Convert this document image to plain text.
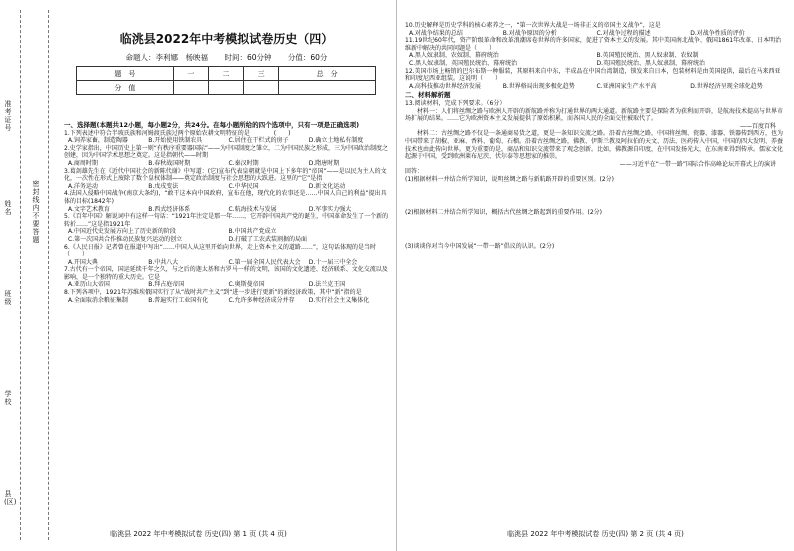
准考证号
姓名
班级
学校
县(区)
密 封 线 内 不 要 答 题
临洮县2022年中考模拟试卷历史（四）
命题人：李利娜　杨映福 时间：60分钟 分值：60分
题　号	一	二	三	总　分
分　值				

一、选择题(本题共12小题，每小题2分，共24分。在每小题所给的四个选项中，只有一项是正确选项)

1.下列表述中符合半坡氏族和河姆渡氏族过两个原始农耕文明特征的是　　　　(　　)

A.饲养家畜，制造陶器	B.开始使用铁制农具	C.居住在干栏式的房子	D.确立土地私有制度

2.史学家指出，中国历史上第一则“有秩序重要器国际”——为中国制度之雏立，二为中国民族之形成，三为中国政治制度之创建，因为中国学术思想之奠定。这是指朝代——时期

A.商周时期	B.春秋战国时期	C.秦汉时期	D.隋唐时期

3.葛剑雄先生在《近代中国社会的新陈代谢》中写道：(它)宣布代表皇朝就是中国上下多年的“帝国”——是以民为主人的文化，一次性在形式上废除了数个皇权体制——奠定政治制度与社会思想的大跃进。这里的“它”是指

A.洋务运动	B.戊戌变法	C.中华民国	D.新文化运动

4.法国人侵略中国战争(南京大条约)，“敢干这本向中国政府，宣布在他，现代化的农事还是……中国人自己的利益”提出具体的目标(1842年)

A.文字艺术教育	B.西式经济体系	C.航海技术与发展	D.军事实力强大

5.《百年中国》解说词中有这样一句话：“1921年注定是那一年……，它开辟中国共产党的诞生，中国革命发生了一个新的转折……”这是指1921年

A.中国近代史发展方向上了历史新的阶段	B.中国共产党成立
C.第一次国共合作推动民族复兴运动的创立	D.打破了工农武装割据的局面

6.《人民日报》记者曾在报道中写出“……中国人从这里开始向世界，走上资本主义的道路……”，这句话体现的是当时（　　）

A.开国大典	B.中共八大	C.第一届全国人民代表大会	D.十一届三中全会

7.古代有一个帝国，国运延续千年之久，与之后的迦太基和古罗马一样的文明，该国的文化遗迹、经济联系、文化交流以及影响，是一个独特的重大历史。它是

A.亚历山大帝国	B.拜占庭帝国	C.奥斯曼帝国	D.法兰克王国

8.下列各项中，1921年苏维埃俄国实行了从“战时共产主义”到“进一步进行更新”的新经济政策，其中“新”指的是

A.全面取消余粮征集制	B.普遍实行工业国有化	C.允许多种经济成分并存	D.实行社会主义集体化
临洮县 2022 年中考模拟试卷 历史(四) 第 1 页 (共 4 页)

10.历史解释是历史学科的核心素养之一，“第一次世界大战是一场非正义的帝国主义战争”，这是

A.对战争结果的总结	B.对战争原因的分析	C.对战争过程的描述	D.对战争性质的评价

11.19世纪60年代，资产阶级革命和改革浪潮席卷世界的许多国家，促进了资本主义的发展。其中美国南北战争、俄国1861年改革、日本明治维新中解决的共同问题是（　　）

A.黑人奴隶制、农奴制、幕府统治	B.英国殖民统治、黑人奴隶制、农奴制
C.黑人奴隶制、英国殖民统治、幕府统治	D.英国殖民统治、黑人奴隶制、幕府统治

12.美国市场上畅销的巴尔布斯一种服装，其原料来自中东，半成品在中国台湾制造，锁发来自日本，包装材料是由美国提供，最后在马来西亚和印度尼西亚组装。这说明（　　）

A.高科技推动世界经济发展	B.世界格局出现多极化趋势	C.亚洲国家生产水平高	D.世界经济呈现全球化趋势

二、材料解析题

13.阅读材料，完成下列要求。（6分）

材料一：人们将丝绸之路与欧洲人开辟的新航路并称为打通世界的两大通道。新航路主要是探险者为获利而开辟，是航海技术提高与世界市场扩展的结果。……它为欧洲资本主义发展提供了原始积累，而各国人民的全面交往被取代了。

——百度百科

材料二：古丝绸之路不仅是一条通商易货之道，更是一条知识交流之路。沿着古丝绸之路，中国将丝绸、瓷器、漆器、铁器传到西方，也为中国带来了胡椒、亚麻、香料、葡萄、石榴。沿着古丝绸之路，佛教、伊斯兰教及阿拉伯的天文、历法、医药传入中国，中国的四大发明、养蚕技术也由此传向世界。更为重要的是，商品和知识交流带来了观念创新。比如，佛教源自印度，在中国发扬光大，在东南亚得到传承。儒家文化起源于中国，受到欧洲莱布尼茨、伏尔泰等思想家的推崇。

——习近平在“一带一路”国际合作高峰论坛开幕式上的演讲

回答：

(1)根据材料一并结合所学知识，说明丝绸之路与新航路开辟的重要区别。(2分)

(2)根据材料二并结合所学知识，概括古代丝绸之路起到的重要作用。(2分)

(3)谈谈你对当今中国发展“一带一路”倡议的认识。(2分)

临洮县 2022 年中考模拟试卷 历史(四) 第 2 页 (共 4 页)
